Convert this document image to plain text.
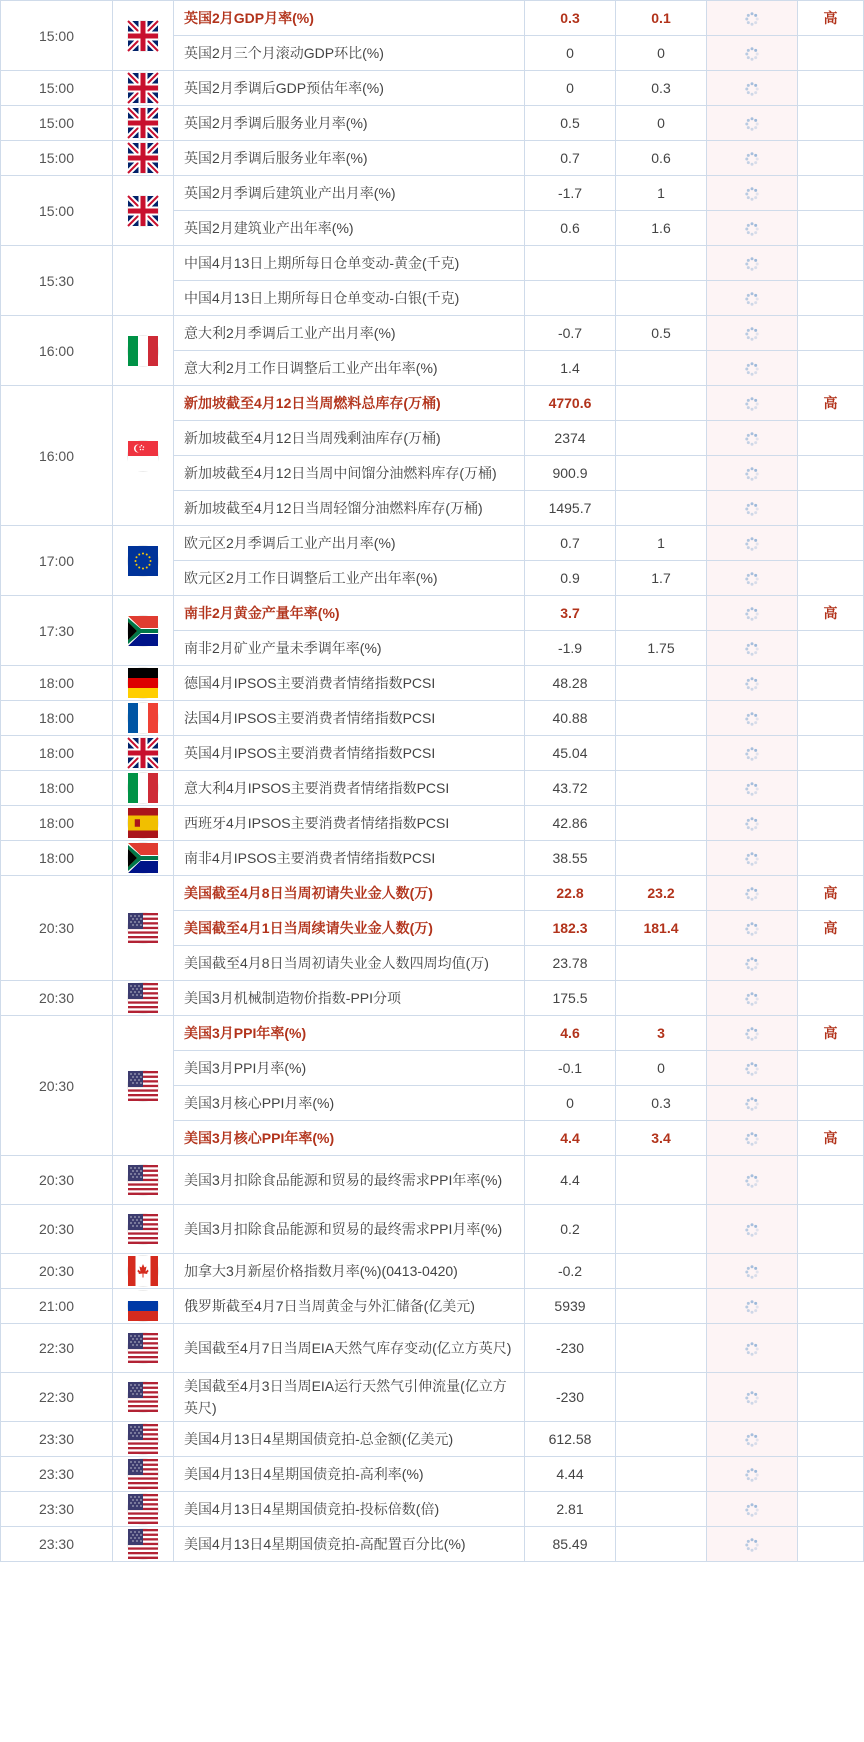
15:00		英国2月GDP月率(%)	0.3	0.1		高
		英国2月三个月滚动GDP环比(%)	0	0	

15:00		英国2月季调后GDP预估年率(%)	0	0.3	

15:00		英国2月季调后服务业月率(%)	0.5	0	

15:00		英国2月季调后服务业年率(%)	0.7	0.6	

15:00		英国2月季调后建筑业产出月率(%)	-1.7	1	

		英国2月建筑业产出年率(%)	0.6	1.6	

15:30		中国4月13日上期所每日仓单变动-黄金(千克)			

		中国4月13日上期所每日仓单变动-白银(千克)			

16:00		意大利2月季调后工业产出月率(%)	-0.7	0.5	

		意大利2月工作日调整后工业产出年率(%)	1.4		

16:00		新加坡截至4月12日当周燃料总库存(万桶)	4770.6			高
		新加坡截至4月12日当周残剩油库存(万桶)	2374		

		新加坡截至4月12日当周中间馏分油燃料库存(万桶)	900.9		

		新加坡截至4月12日当周轻馏分油燃料库存(万桶)	1495.7		

17:00		欧元区2月季调后工业产出月率(%)	0.7	1	

		欧元区2月工作日调整后工业产出年率(%)	0.9	1.7	

17:30		南非2月黄金产量年率(%)	3.7			高
		南非2月矿业产量未季调年率(%)	-1.9	1.75	

18:00		德国4月IPSOS主要消费者情绪指数PCSI	48.28		

18:00		法国4月IPSOS主要消费者情绪指数PCSI	40.88		

18:00		英国4月IPSOS主要消费者情绪指数PCSI	45.04		

18:00		意大利4月IPSOS主要消费者情绪指数PCSI	43.72		

18:00		西班牙4月IPSOS主要消费者情绪指数PCSI	42.86		

18:00		南非4月IPSOS主要消费者情绪指数PCSI	38.55		

20:30		美国截至4月8日当周初请失业金人数(万)	22.8	23.2		高
		美国截至4月1日当周续请失业金人数(万)	182.3	181.4		高
		美国截至4月8日当周初请失业金人数四周均值(万)	23.78		

20:30		美国3月机械制造物价指数-PPI分项	175.5		

20:30		美国3月PPI年率(%)	4.6	3		高
		美国3月PPI月率(%)	-0.1	0	

		美国3月核心PPI月率(%)	0	0.3	

		美国3月核心PPI年率(%)	4.4	3.4		高
20:30		美国3月扣除食品能源和贸易的最终需求PPI年率(%)	4.4		

20:30		美国3月扣除食品能源和贸易的最终需求PPI月率(%)	0.2		

20:30		加拿大3月新屋价格指数月率(%)(0413-0420)	-0.2		

21:00		俄罗斯截至4月7日当周黄金与外汇储备(亿美元)	5939		

22:30		美国截至4月7日当周EIA天然气库存变动(亿立方英尺)	-230		

22:30		美国截至4月3日当周EIA运行天然气引伸流量(亿立方英尺)	-230		

23:30		美国4月13日4星期国债竞拍-总金额(亿美元)	612.58		

23:30		美国4月13日4星期国债竞拍-高利率(%)	4.44		

23:30		美国4月13日4星期国债竞拍-投标倍数(倍)	2.81		

23:30		美国4月13日4星期国债竞拍-高配置百分比(%)	85.49		
